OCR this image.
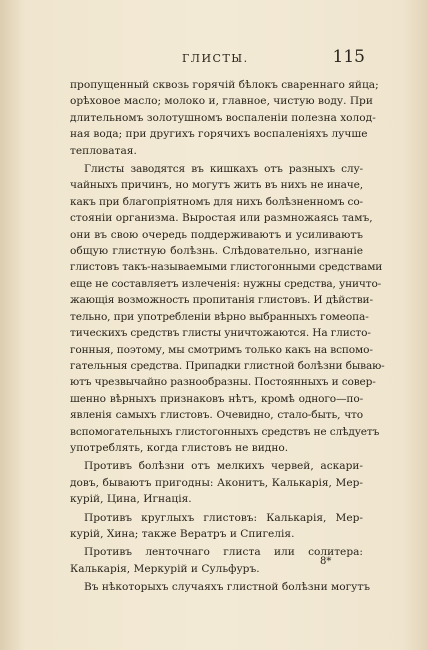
ГЛИСТЫ.	115
пропущенный сквозь горячій бѣлокъ свареннаго яйца;
орѣховое масло; молоко и, главное, чистую воду. При
длительномъ золотушномъ воспаленіи полезна холод-
ная вода; при другихъ горячихъ воспаленіяхъ лучше
тепловатая.
Глисты заводятся въ кишкахъ отъ разныхъ слу-
чайныхъ причинъ, но могутъ жить въ нихъ не иначе,
какъ при благопріятномъ для нихъ болѣзненномъ со-
стояніи организма. Выростая или размножаясь тамъ,
они въ свою очередь поддерживаютъ и усиливаютъ
общую глистную болѣзнь. Слѣдовательно, изгнаніе
глистовъ такъ-называемыми глистогонными средствами
еще не составляетъ излеченія: нужны средства, уничто-
жающія возможность пропитанія глистовъ. И дѣйстви-
тельно, при употребленіи вѣрно выбранныхъ гомеопа-
тическихъ средствъ глисты уничтожаются. На глисто-
гонныя, поэтому, мы смотримъ только какъ на вспомо-
гательныя средства. Припадки глистной болѣзни бываю-
ютъ чрезвычайно разнообразны. Постоянныхъ и совер-
шенно вѣрныхъ признаковъ нѣтъ, кромѣ одного—по-
явленія самыхъ глистовъ. Очевидно, стало-быть, что
вспомогательныхъ глистогонныхъ средствъ не слѣдуетъ
употреблять, когда глистовъ не видно.
Противъ болѣзни отъ мелкихъ червей, аскари-
довъ, бываютъ пригодны: Аконитъ, Калькарія, Мер-
курій, Цина, Игнація.
Противъ круглыхъ глистовъ: Калькарія, Мер-
курій, Хина; также Вератръ и Спигелія.
Противъ ленточнаго глиста или солитера:
Калькарія, Меркурій и Сульфуръ.
Въ нѣкоторыхъ случаяхъ глистной болѣзни могутъ
8*
